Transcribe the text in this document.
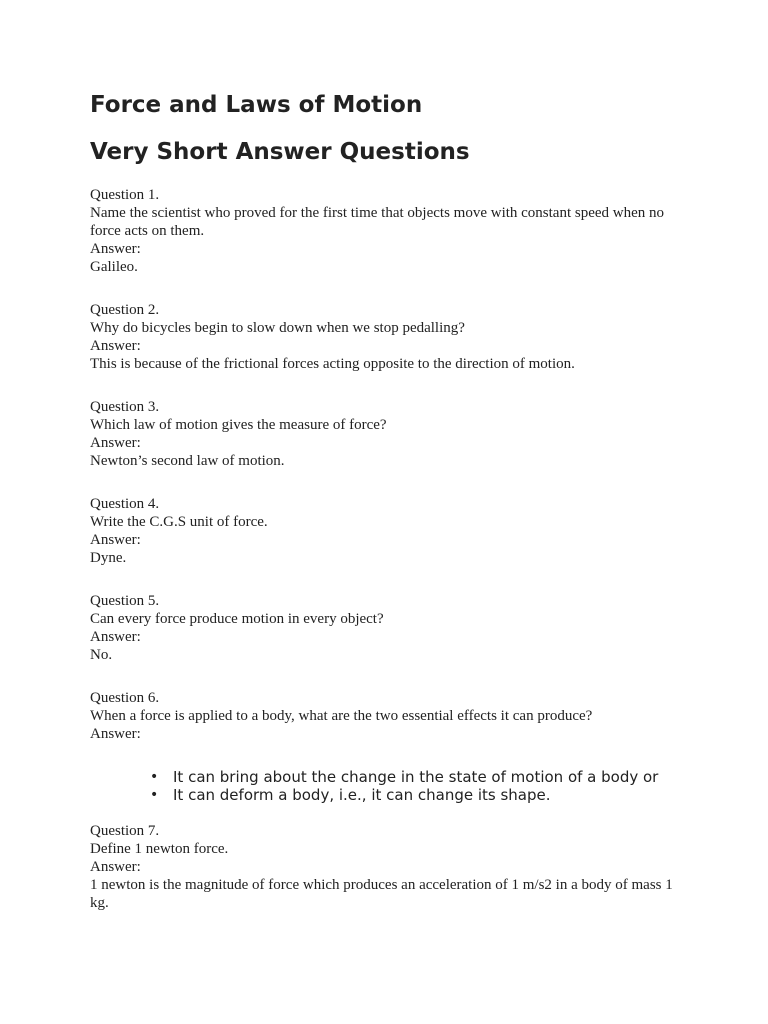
Force and Laws of Motion
Very Short Answer Questions

Question 1.

Name the scientist who proved for the first time that objects move with constant speed when no force acts on them.

Answer:

Galileo.

Question 2.

Why do bicycles begin to slow down when we stop pedalling?

Answer:

This is because of the frictional forces acting opposite to the direction of motion.

Question 3.

Which law of motion gives the measure of force?

Answer:

Newton’s second law of motion.

Question 4.

Write the C.G.S unit of force.

Answer:

Dyne.

Question 5.

Can every force produce motion in every object?

Answer:

No.

Question 6.

When a force is applied to a body, what are the two essential effects it can produce?

Answer:

• It can bring about the change in the state of motion of a body or
• It can deform a body, i.e., it can change its shape.

Question 7.

Define 1 newton force.

Answer:

1 newton is the magnitude of force which produces an acceleration of 1 m/s2 in a body of mass 1 kg.
